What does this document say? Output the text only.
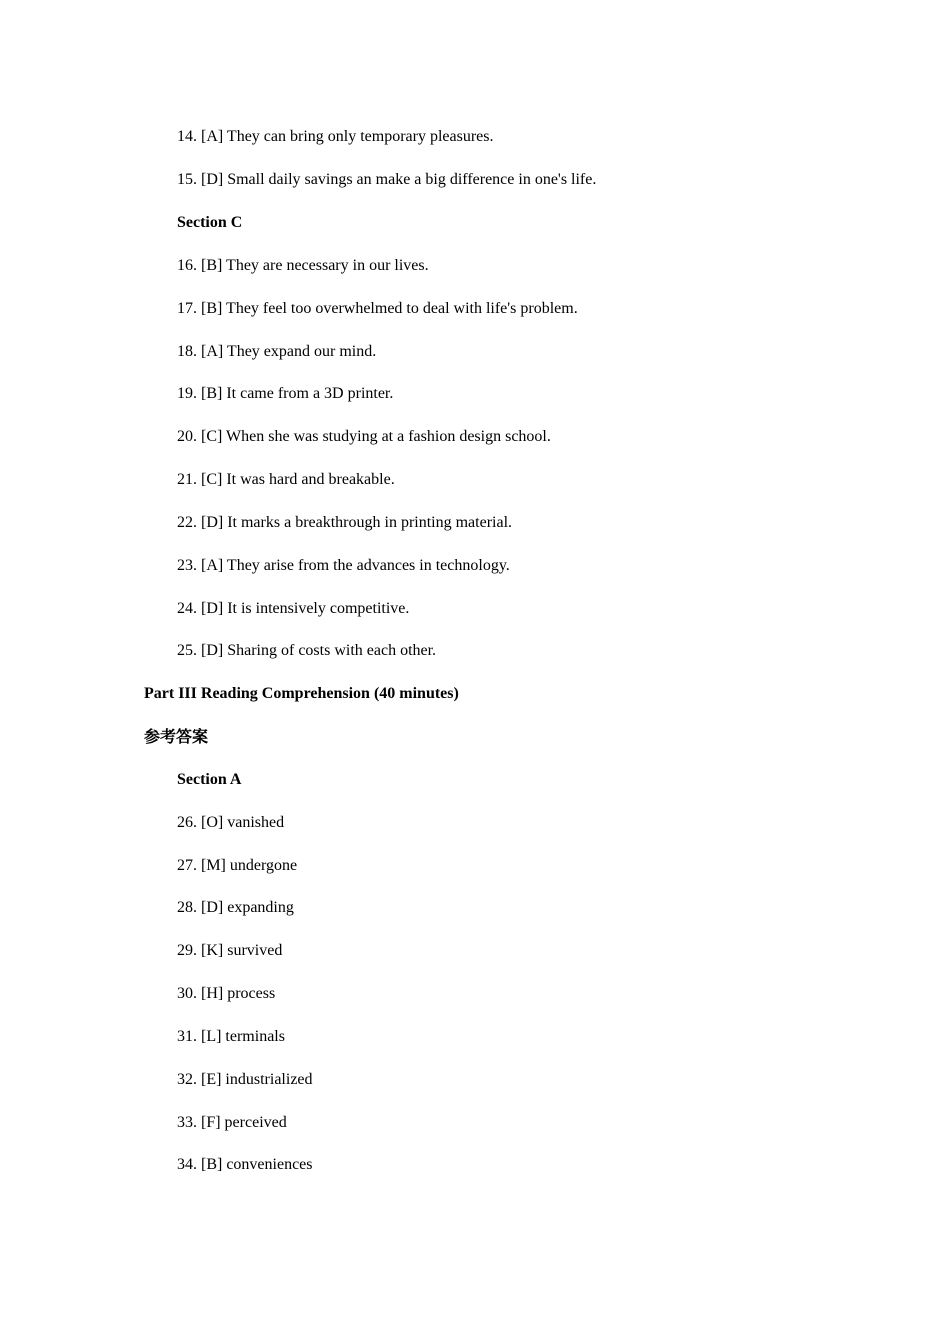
14. [A] They can bring only temporary pleasures.
15. [D] Small daily savings an make a big difference in one's life.
Section C
16. [B] They are necessary in our lives.
17. [B] They feel too overwhelmed to deal with life's problem.
18. [A] They expand our mind.
19. [B] It came from a 3D printer.
20. [C] When she was studying at a fashion design school.
21. [C] It was hard and breakable.
22. [D] It marks a breakthrough in printing material.
23. [A] They arise from the advances in technology.
24. [D] It is intensively competitive.
25. [D] Sharing of costs with each other.
Part III Reading Comprehension (40 minutes)
参考答案
Section A
26. [O] vanished
27. [M] undergone
28. [D] expanding
29. [K] survived
30. [H] process
31. [L] terminals
32. [E] industrialized
33. [F] perceived
34. [B] conveniences
